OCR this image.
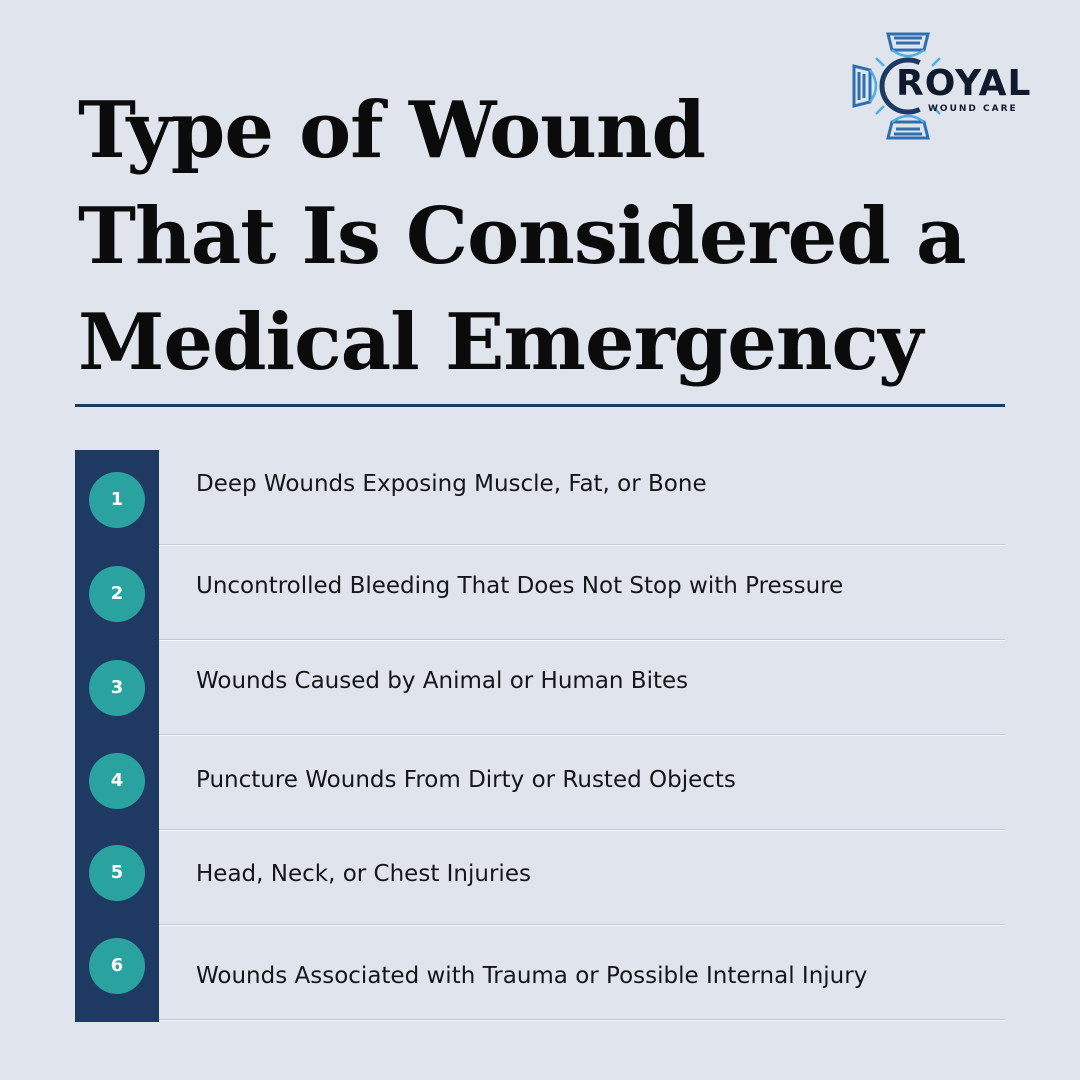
ROYAL
WOUND CARE
Type of Wound
That Is Considered a
Medical Emergency
1
Deep Wounds Exposing Muscle, Fat, or Bone
2	Uncontrolled Bleeding That Does Not Stop with Pressure
3	Wounds Caused by Animal or Human Bites
4	Puncture Wounds From Dirty or Rusted Objects
5	Head, Neck, or Chest Injuries
6	Wounds Associated with Trauma or Possible Internal Injury
